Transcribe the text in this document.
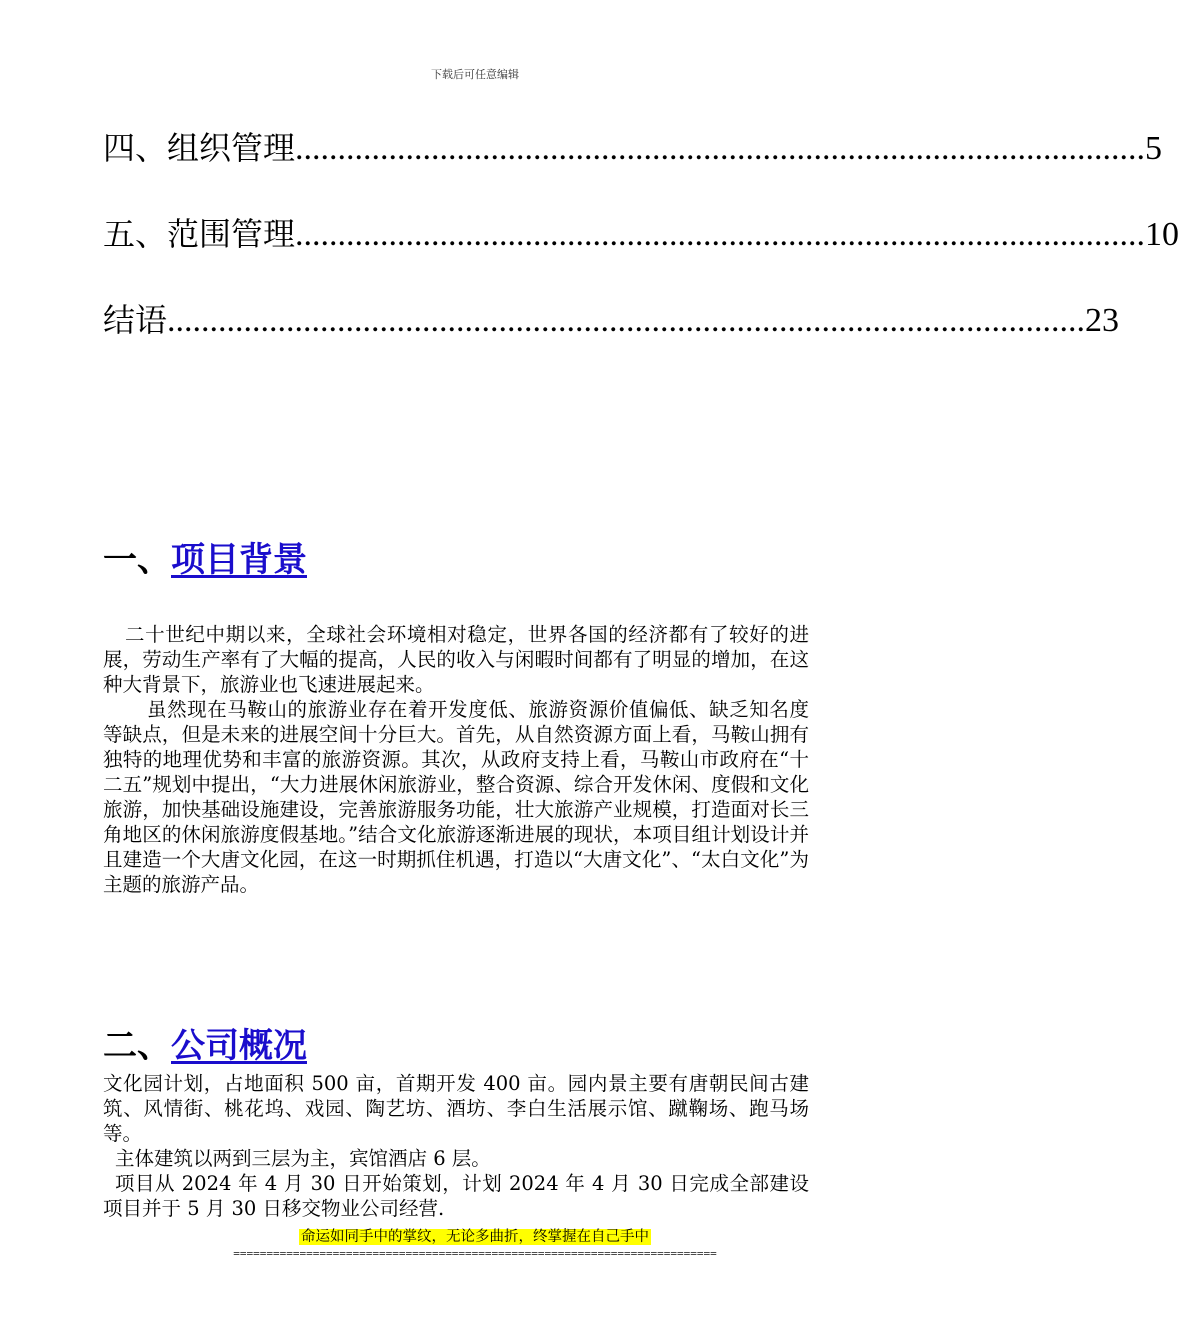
下载后可任意编辑
四、组织管理 .................................................................................................... 5
五、范围管理 .................................................................................................... 10
结语 ............................................................................................................ 23
一、项目背景

二十世纪中期以来，全球社会环境相对稳定，世界各国的经济都有了较好的进展，劳动生产率有了大幅的提高，人民的收入与闲暇时间都有了明显的增加，在这种大背景下，旅游业也飞速进展起来。

虽然现在马鞍山的旅游业存在着开发度低、旅游资源价值偏低、缺乏知名度等缺点，但是未来的进展空间十分巨大。首先，从自然资源方面上看，马鞍山拥有独特的地理优势和丰富的旅游资源。其次，从政府支持上看，马鞍山市政府在“十二五”规划中提出，“大力进展休闲旅游业，整合资源、综合开发休闲、度假和文化旅游，加快基础设施建设，完善旅游服务功能，壮大旅游产业规模，打造面对长三角地区的休闲旅游度假基地。”结合文化旅游逐渐进展的现状，本项目组计划设计并且建造一个大唐文化园，在这一时期抓住机遇，打造以“大唐文化”、“太白文化”为主题的旅游产品。

二、公司概况

文化园计划，占地面积 500 亩，首期开发 400 亩。园内景主要有唐朝民间古建筑、风情街、桃花坞、戏园、陶艺坊、酒坊、李白生活展示馆、蹴鞠场、跑马场等。

主体建筑以两到三层为主，宾馆酒店 6 层。

项目从 2024 年 4 月 30 日开始策划，计划 2024 年 4 月 30 日完成全部建设项目并于 5 月 30 日移交物业公司经营.

命运如同手中的掌纹，无论多曲折，终掌握在自己手中
=========================================================================
